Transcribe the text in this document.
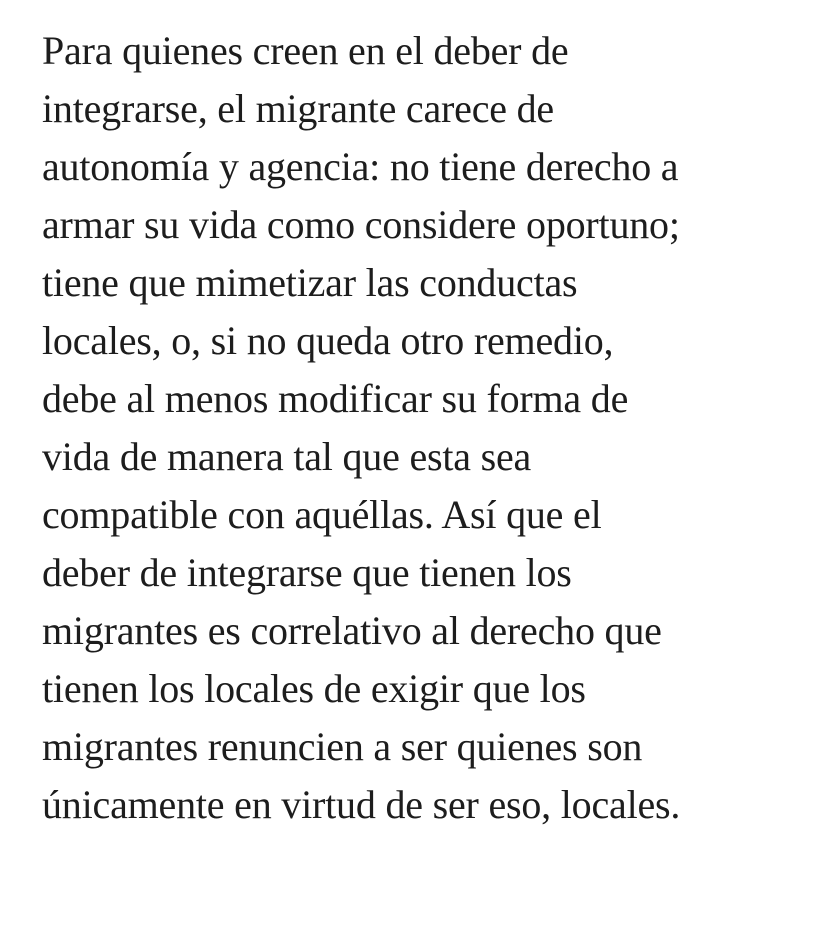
Para quienes creen en el deber de
integrarse, el migrante carece de
autonomía y agencia: no tiene derecho a
armar su vida como considere oportuno;
tiene que mimetizar las conductas
locales, o, si no queda otro remedio,
debe al menos modificar su forma de
vida de manera tal que esta sea
compatible con aquéllas. Así que el
deber de integrarse que tienen los
migrantes es correlativo al derecho que
tienen los locales de exigir que los
migrantes renuncien a ser quienes son
únicamente en virtud de ser eso, locales.
